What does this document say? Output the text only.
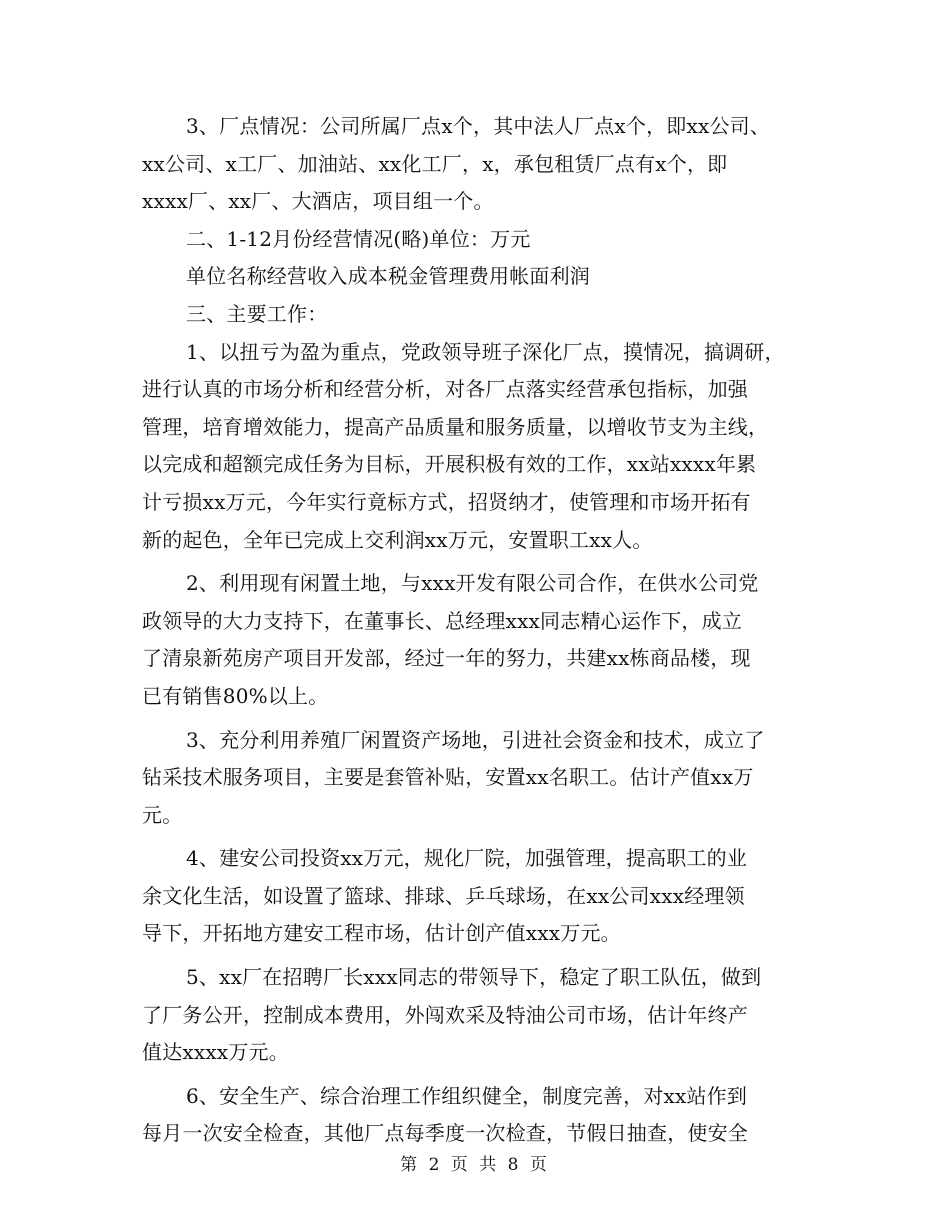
3、厂点情况：公司所属厂点x个，其中法人厂点x个，即xx公司、
xx公司、x工厂、加油站、xx化工厂，x，承包租赁厂点有x个，即
xxxx厂、xx厂、大酒店，项目组一个。
二、1-12月份经营情况(略)单位：万元
单位名称经营收入成本税金管理费用帐面利润
三、主要工作：
1、以扭亏为盈为重点，党政领导班子深化厂点，摸情况，搞调研，
进行认真的市场分析和经营分析，对各厂点落实经营承包指标，加强
管理，培育增效能力，提高产品质量和服务质量，以增收节支为主线，
以完成和超额完成任务为目标，开展积极有效的工作，xx站xxxx年累
计亏损xx万元，今年实行竟标方式，招贤纳才，使管理和市场开拓有
新的起色，全年已完成上交利润xx万元，安置职工xx人。
2、利用现有闲置土地，与xxx开发有限公司合作，在供水公司党
政领导的大力支持下，在董事长、总经理xxx同志精心运作下，成立
了清泉新苑房产项目开发部，经过一年的努力，共建xx栋商品楼，现
已有销售80%以上。
3、充分利用养殖厂闲置资产场地，引进社会资金和技术，成立了
钻采技术服务项目，主要是套管补贴，安置xx名职工。估计产值xx万
元。
4、建安公司投资xx万元，规化厂院，加强管理，提高职工的业
余文化生活，如设置了篮球、排球、乒乓球场，在xx公司xxx经理领
导下，开拓地方建安工程市场，估计创产值xxx万元。
5、xx厂在招聘厂长xxx同志的带领导下，稳定了职工队伍，做到
了厂务公开，控制成本费用，外闯欢采及特油公司市场，估计年终产
值达xxxx万元。
6、安全生产、综合治理工作组织健全，制度完善，对xx站作到
每月一次安全检查，其他厂点每季度一次检查，节假日抽查，使安全
第 2 页 共 8 页
